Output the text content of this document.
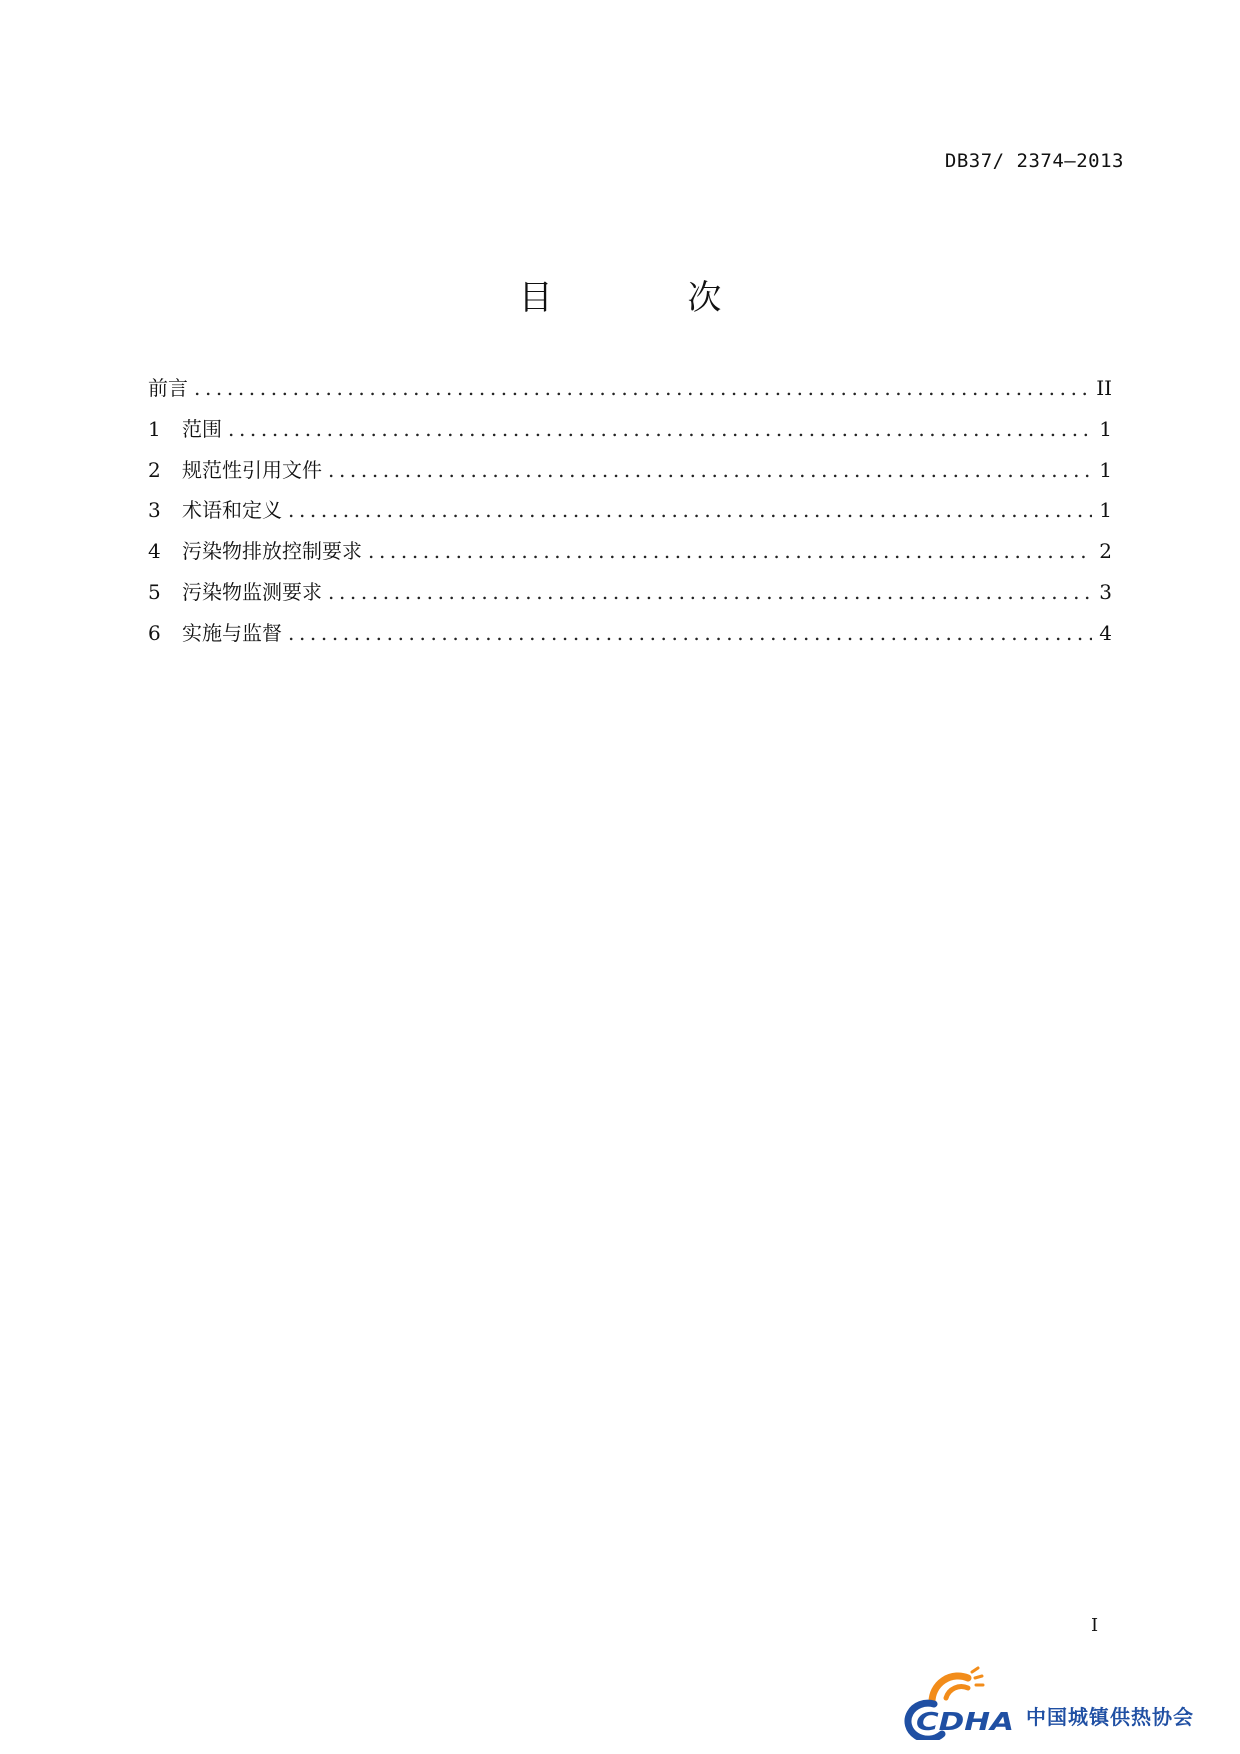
DB37/ 2374—2013
目 次
前言 .....	II
1	范围 .....	1
2	规范性引用文件 .....	1
3	术语和定义 .....	1
4	污染物排放控制要求 .....	2
5	污染物监测要求 .....	3
6	实施与监督 .....	4
I
CDHA 中国城镇供热协会
